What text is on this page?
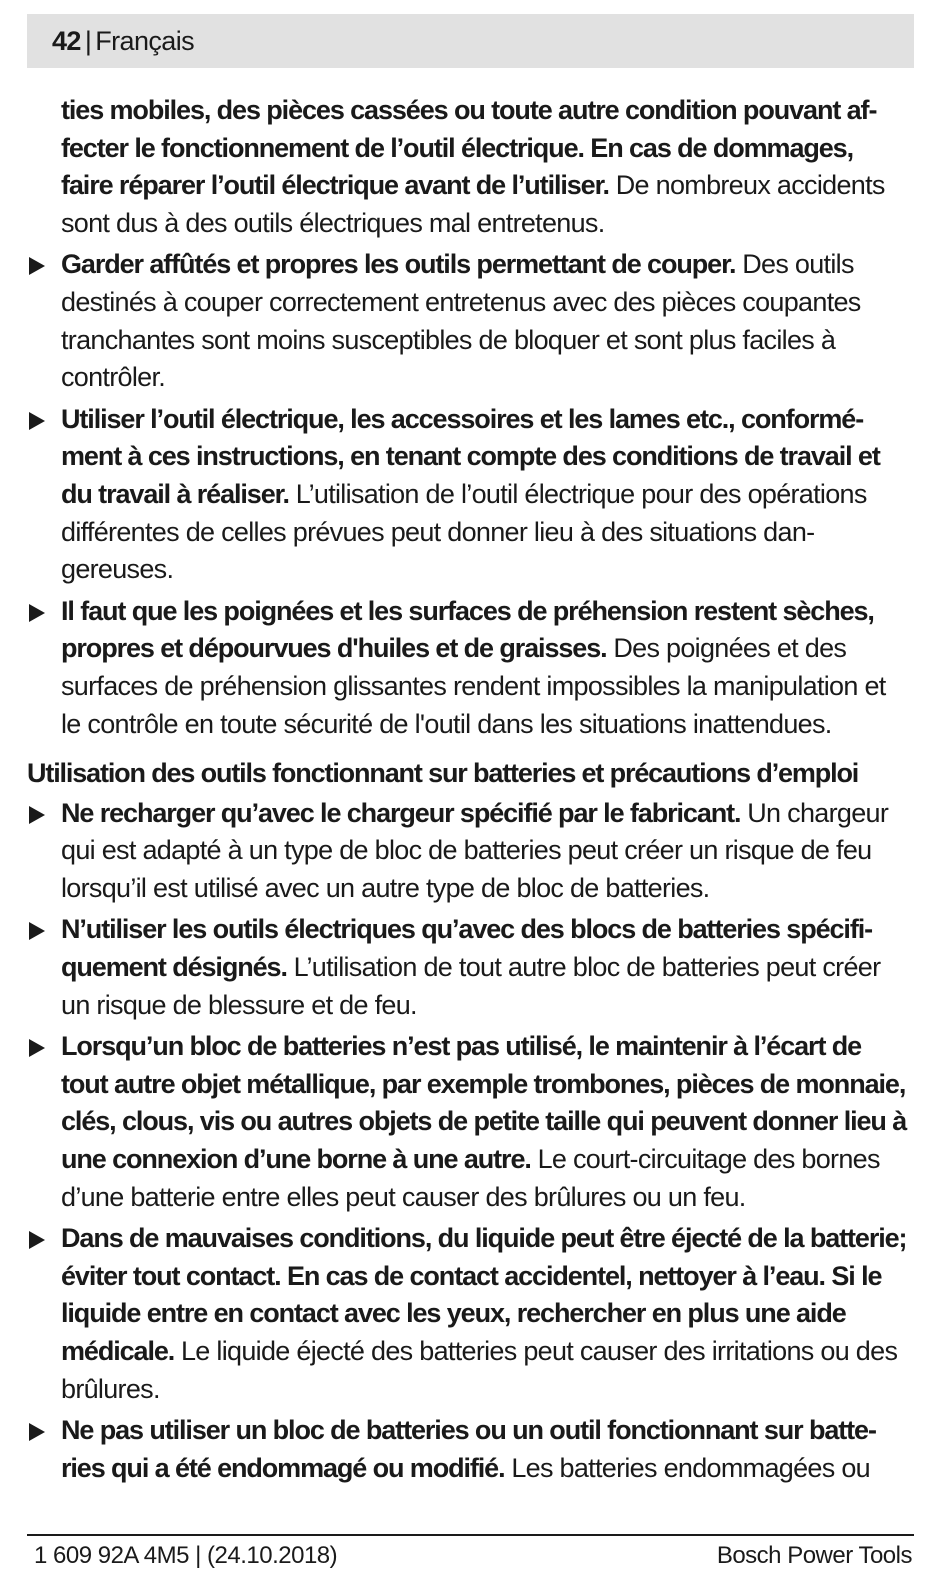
42 | Français
ties mobiles, des pièces cassées ou toute autre condition pouvant affecter le fonctionnement de l’outil électrique. En cas de dommages, faire réparer l’outil électrique avant de l’utiliser. De nombreux accidents sont dus à des outils électriques mal entretenus.
Garder affûtés et propres les outils permettant de couper. Des outils destinés à couper correctement entretenus avec des pièces coupantes tranchantes sont moins susceptibles de bloquer et sont plus faciles à contrôler.
Utiliser l’outil électrique, les accessoires et les lames etc., conformément à ces instructions, en tenant compte des conditions de travail et du travail à réaliser. L’utilisation de l’outil électrique pour des opérations différentes de celles prévues peut donner lieu à des situations dangereuses.
Il faut que les poignées et les surfaces de préhension restent sèches, propres et dépourvues d'huiles et de graisses. Des poignées et des surfaces de préhension glissantes rendent impossibles la manipulation et le contrôle en toute sécurité de l'outil dans les situations inattendues.
Utilisation des outils fonctionnant sur batteries et précautions d’emploi
Ne recharger qu’avec le chargeur spécifié par le fabricant. Un chargeur qui est adapté à un type de bloc de batteries peut créer un risque de feu lorsqu’il est utilisé avec un autre type de bloc de batteries.
N’utiliser les outils électriques qu’avec des blocs de batteries spécifiquement désignés. L’utilisation de tout autre bloc de batteries peut créer un risque de blessure et de feu.
Lorsqu’un bloc de batteries n’est pas utilisé, le maintenir à l’écart de tout autre objet métallique, par exemple trombones, pièces de monnaie, clés, clous, vis ou autres objets de petite taille qui peuvent donner lieu à une connexion d’une borne à une autre. Le court-circuitage des bornes d’une batterie entre elles peut causer des brûlures ou un feu.
Dans de mauvaises conditions, du liquide peut être éjecté de la batterie; éviter tout contact. En cas de contact accidentel, nettoyer à l’eau. Si le liquide entre en contact avec les yeux, rechercher en plus une aide médicale. Le liquide éjecté des batteries peut causer des irritations ou des brûlures.
Ne pas utiliser un bloc de batteries ou un outil fonctionnant sur batteries qui a été endommagé ou modifié. Les batteries endommagées ou
1 609 92A 4M5 | (24.10.2018)	Bosch Power Tools
